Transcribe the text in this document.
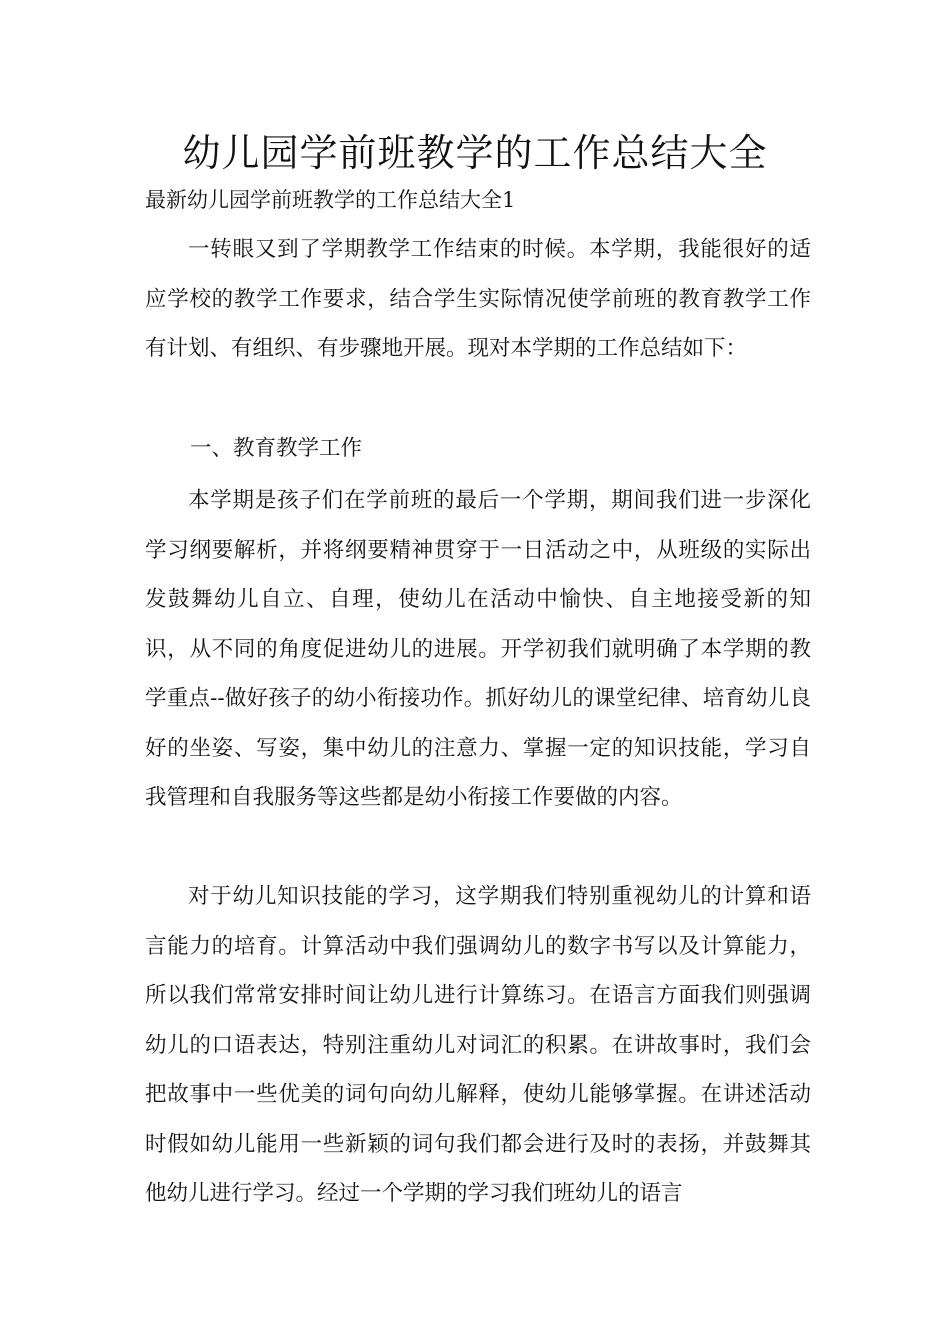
幼儿园学前班教学的工作总结大全

最新幼儿园学前班教学的工作总结大全1

一转眼又到了学期教学工作结束的时候。本学期，我能很好的适应学校的教学工作要求，结合学生实际情况使学前班的教育教学工作有计划、有组织、有步骤地开展。现对本学期的工作总结如下：

一、教育教学工作

本学期是孩子们在学前班的最后一个学期，期间我们进一步深化学习纲要解析，并将纲要精神贯穿于一日活动之中，从班级的实际出发鼓舞幼儿自立、自理，使幼儿在活动中愉快、自主地接受新的知识，从不同的角度促进幼儿的进展。开学初我们就明确了本学期的教学重点--做好孩子的幼小衔接功作。抓好幼儿的课堂纪律、培育幼儿良好的坐姿、写姿，集中幼儿的注意力、掌握一定的知识技能，学习自我管理和自我服务等这些都是幼小衔接工作要做的内容。

对于幼儿知识技能的学习，这学期我们特别重视幼儿的计算和语言能力的培育。计算活动中我们强调幼儿的数字书写以及计算能力，所以我们常常安排时间让幼儿进行计算练习。在语言方面我们则强调幼儿的口语表达，特别注重幼儿对词汇的积累。在讲故事时，我们会把故事中一些优美的词句向幼儿解释，使幼儿能够掌握。在讲述活动时假如幼儿能用一些新颖的词句我们都会进行及时的表扬，并鼓舞其他幼儿进行学习。经过一个学期的学习我们班幼儿的语言
